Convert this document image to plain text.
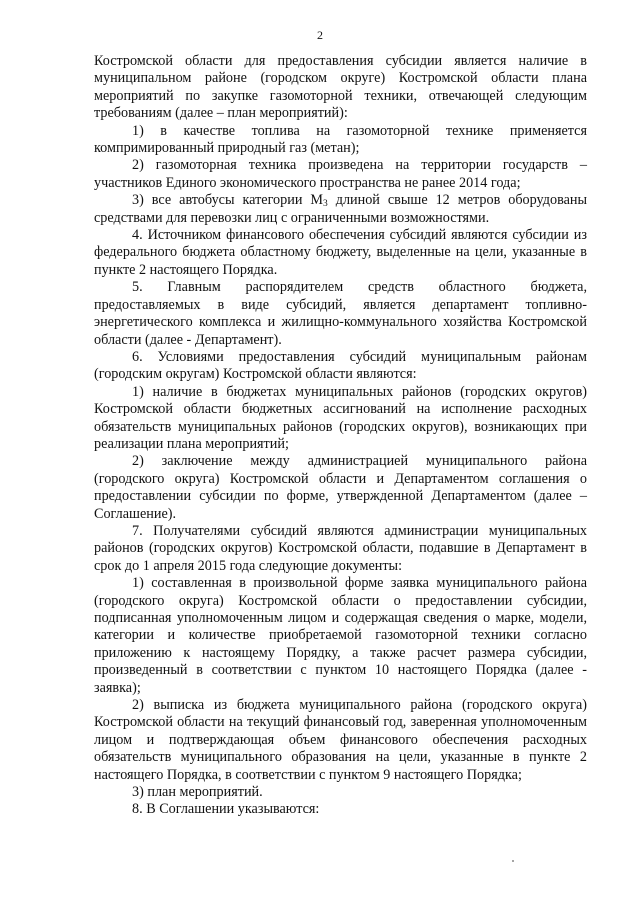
2

Костромской области для предоставления субсидии является наличие в муниципальном районе (городском округе) Костромской области плана мероприятий по закупке газомоторной техники, отвечающей следующим требованиям (далее – план мероприятий):

1) в качестве топлива на газомоторной технике применяется компримированный природный газ (метан);

2) газомоторная техника произведена на территории государств – участников Единого экономического пространства не ранее 2014 года;

3) все автобусы категории $M_3$ длиной свыше 12 метров оборудованы средствами для перевозки лиц с ограниченными возможностями.

4. Источником финансового обеспечения субсидий являются субсидии из федерального бюджета областному бюджету, выделенные на цели, указанные в пункте 2 настоящего Порядка.

5. Главным распорядителем средств областного бюджета, предоставляемых в виде субсидий, является департамент топливно-энергетического комплекса и жилищно-коммунального хозяйства Костромской области (далее - Департамент).

6. Условиями предоставления субсидий муниципальным районам (городским округам) Костромской области являются:

1) наличие в бюджетах муниципальных районов (городских округов) Костромской области бюджетных ассигнований на исполнение расходных обязательств муниципальных районов (городских округов), возникающих при реализации плана мероприятий;

2) заключение между администрацией муниципального района (городского округа) Костромской области и Департаментом соглашения о предоставлении субсидии по форме, утвержденной Департаментом (далее – Соглашение).

7. Получателями субсидий являются администрации муниципальных районов (городских округов) Костромской области, подавшие в Департамент в срок до 1 апреля 2015 года следующие документы:

1) составленная в произвольной форме заявка муниципального района (городского округа) Костромской области о предоставлении субсидии, подписанная уполномоченным лицом и содержащая сведения о марке, модели, категории и количестве приобретаемой газомоторной техники согласно приложению к настоящему Порядку, а также расчет размера субсидии, произведенный в соответствии с пунктом 10 настоящего Порядка (далее - заявка);

2) выписка из бюджета муниципального района (городского округа) Костромской области на текущий финансовый год, заверенная уполномоченным лицом и подтверждающая объем финансового обеспечения расходных обязательств муниципального образования на цели, указанные в пункте 2 настоящего Порядка, в соответствии с пунктом 9 настоящего Порядка;

3) план мероприятий.

8. В Соглашении указываются:
